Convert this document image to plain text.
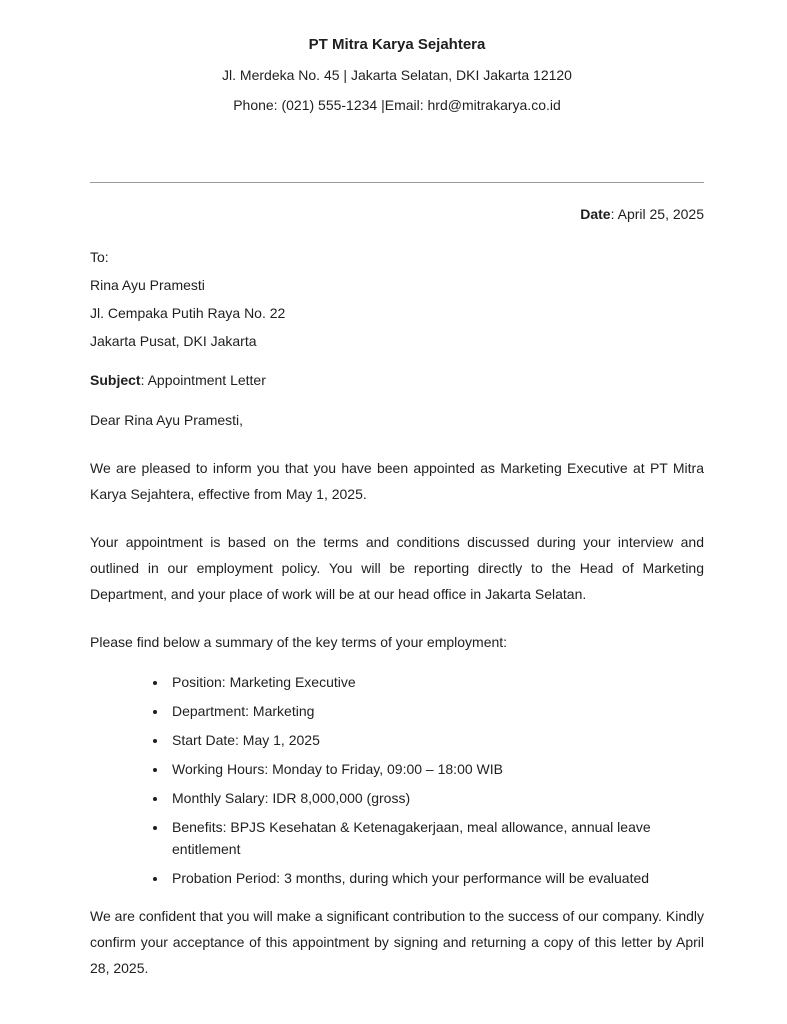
PT Mitra Karya Sejahtera
Jl. Merdeka No. 45 | Jakarta Selatan, DKI Jakarta 12120
Phone: (021) 555-1234 |Email: hrd@mitrakarya.co.id
Date: April 25, 2025
To:
Rina Ayu Pramesti
Jl. Cempaka Putih Raya No. 22
Jakarta Pusat, DKI Jakarta
Subject: Appointment Letter

Dear Rina Ayu Pramesti,

We are pleased to inform you that you have been appointed as Marketing Executive at PT Mitra Karya Sejahtera, effective from May 1, 2025.

Your appointment is based on the terms and conditions discussed during your interview and outlined in our employment policy. You will be reporting directly to the Head of Marketing Department, and your place of work will be at our head office in Jakarta Selatan.

Please find below a summary of the key terms of your employment:

• Position: Marketing Executive
• Department: Marketing
• Start Date: May 1, 2025
• Working Hours: Monday to Friday, 09:00 – 18:00 WIB
• Monthly Salary: IDR 8,000,000 (gross)
• Benefits: BPJS Kesehatan & Ketenagakerjaan, meal allowance, annual leave entitlement
• Probation Period: 3 months, during which your performance will be evaluated

We are confident that you will make a significant contribution to the success of our company. Kindly confirm your acceptance of this appointment by signing and returning a copy of this letter by April 28, 2025.
